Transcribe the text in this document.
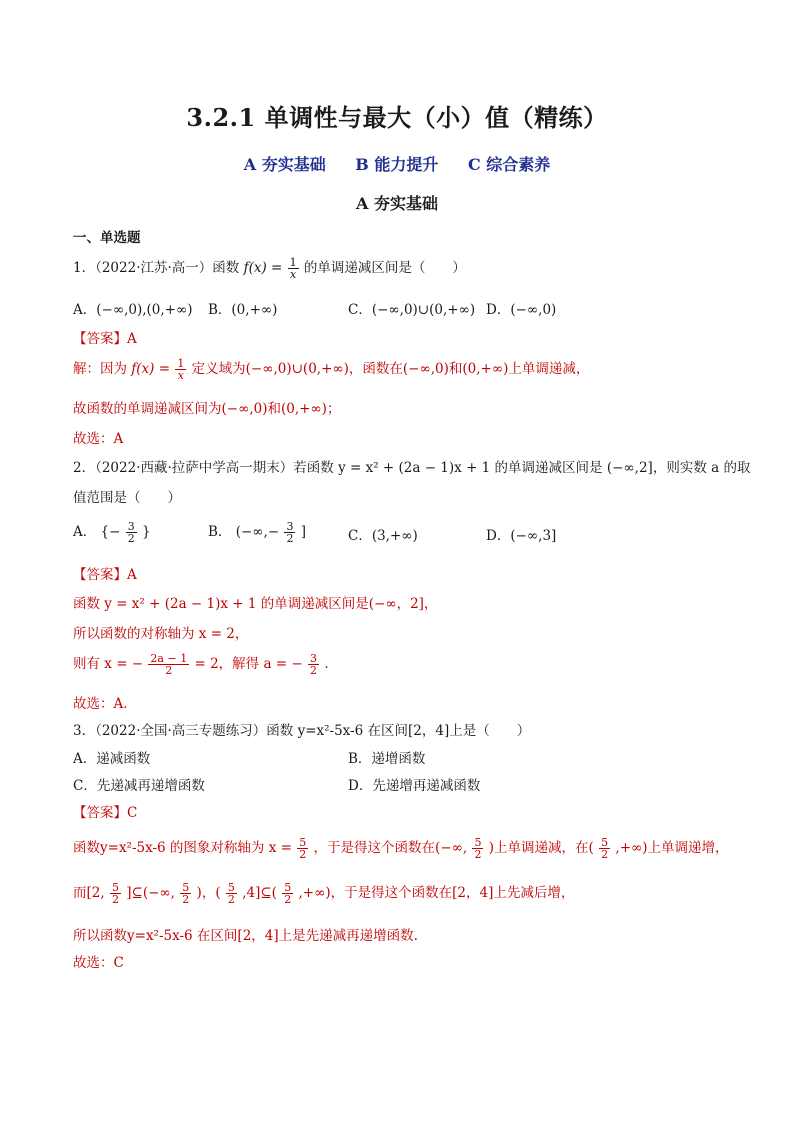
3.2.1 单调性与最大（小）值（精练）
A 夯实基础 B 能力提升 C 综合素养
A 夯实基础
一、单选题
1．（2022·江苏·高一）函数 $f(x) = \frac{1}{x}$ 的单调递减区间是（　　）
A．(−∞,0),(0,+∞) B．(0,+∞)	C．(−∞,0)∪(0,+∞) D．(−∞,0)
【答案】A
解：因为 $f(x) = \frac{1}{x}$ 定义域为(−∞,0)∪(0,+∞)，函数在(−∞,0)和(0,+∞)上单调递减，
故函数的单调递减区间为(−∞,0)和(0,+∞)；
故选：A
2．（2022·西藏·拉萨中学高一期末）若函数 y = x² + (2a − 1)x + 1 的单调递减区间是 (−∞,2]，则实数 a 的取
值范围是（　　）
A． {− $\frac{3}{2}$ }	B． (−∞,− $\frac{3}{2}$ ]	C．(3,+∞)	D．(−∞,3]
【答案】A
函数 y = x² + (2a − 1)x + 1 的单调递减区间是(−∞，2]，
所以函数的对称轴为 x = 2，
则有 x = − $\frac{2a - 1}{2} = 2$，解得 a = − $\frac{3}{2}$ .
故选：A．
3．（2022·全国·高三专题练习）函数 y=x²-5x-6 在区间[2，4]上是（　　）
A．递减函数	B．递增函数
C．先递减再递增函数	D．先递增再递减函数
【答案】C
函数y=x²-5x-6 的图象对称轴为 $x = \frac{5}{2}$ ，于是得这个函数在(−∞, $\frac{5}{2}$ )上单调递减，在( $\frac{5}{2}$ ,+∞)上单调递增，
而[2, $\frac{5}{2}$ ]⊆(−∞, $\frac{5}{2}$ )，( $\frac{5}{2}$ ,4]⊆( $\frac{5}{2}$ ,+∞)，于是得这个函数在[2，4]上先减后增，
所以函数y=x²-5x-6 在区间[2，4]上是先递减再递增函数.
故选：C
